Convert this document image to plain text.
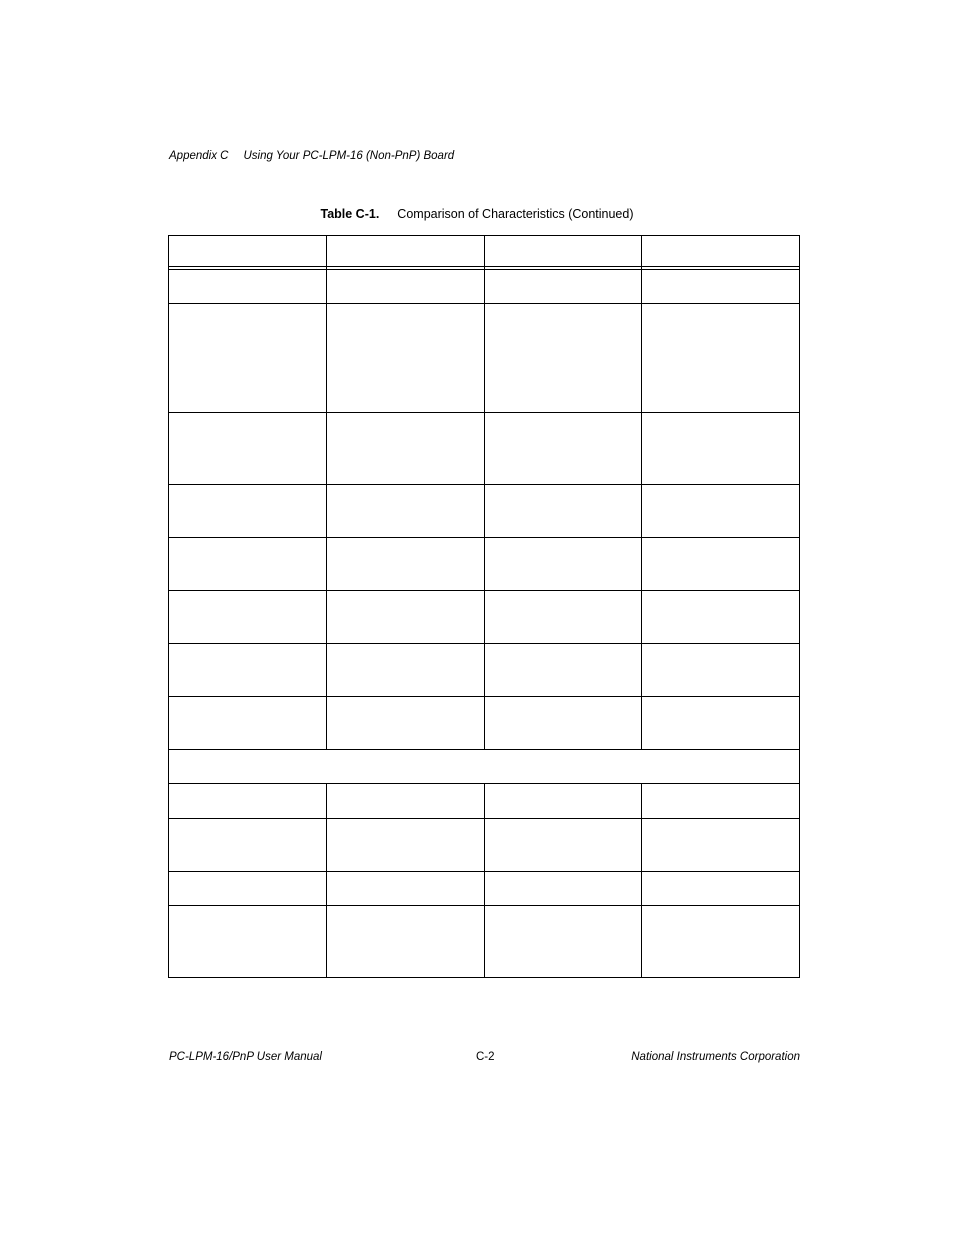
Appendix C Using Your PC-LPM-16 (Non-PnP) Board
Table C-1. Comparison of Characteristics (Continued)
PC-LPM-16/PnP User Manual	C-2	National Instruments Corporation
